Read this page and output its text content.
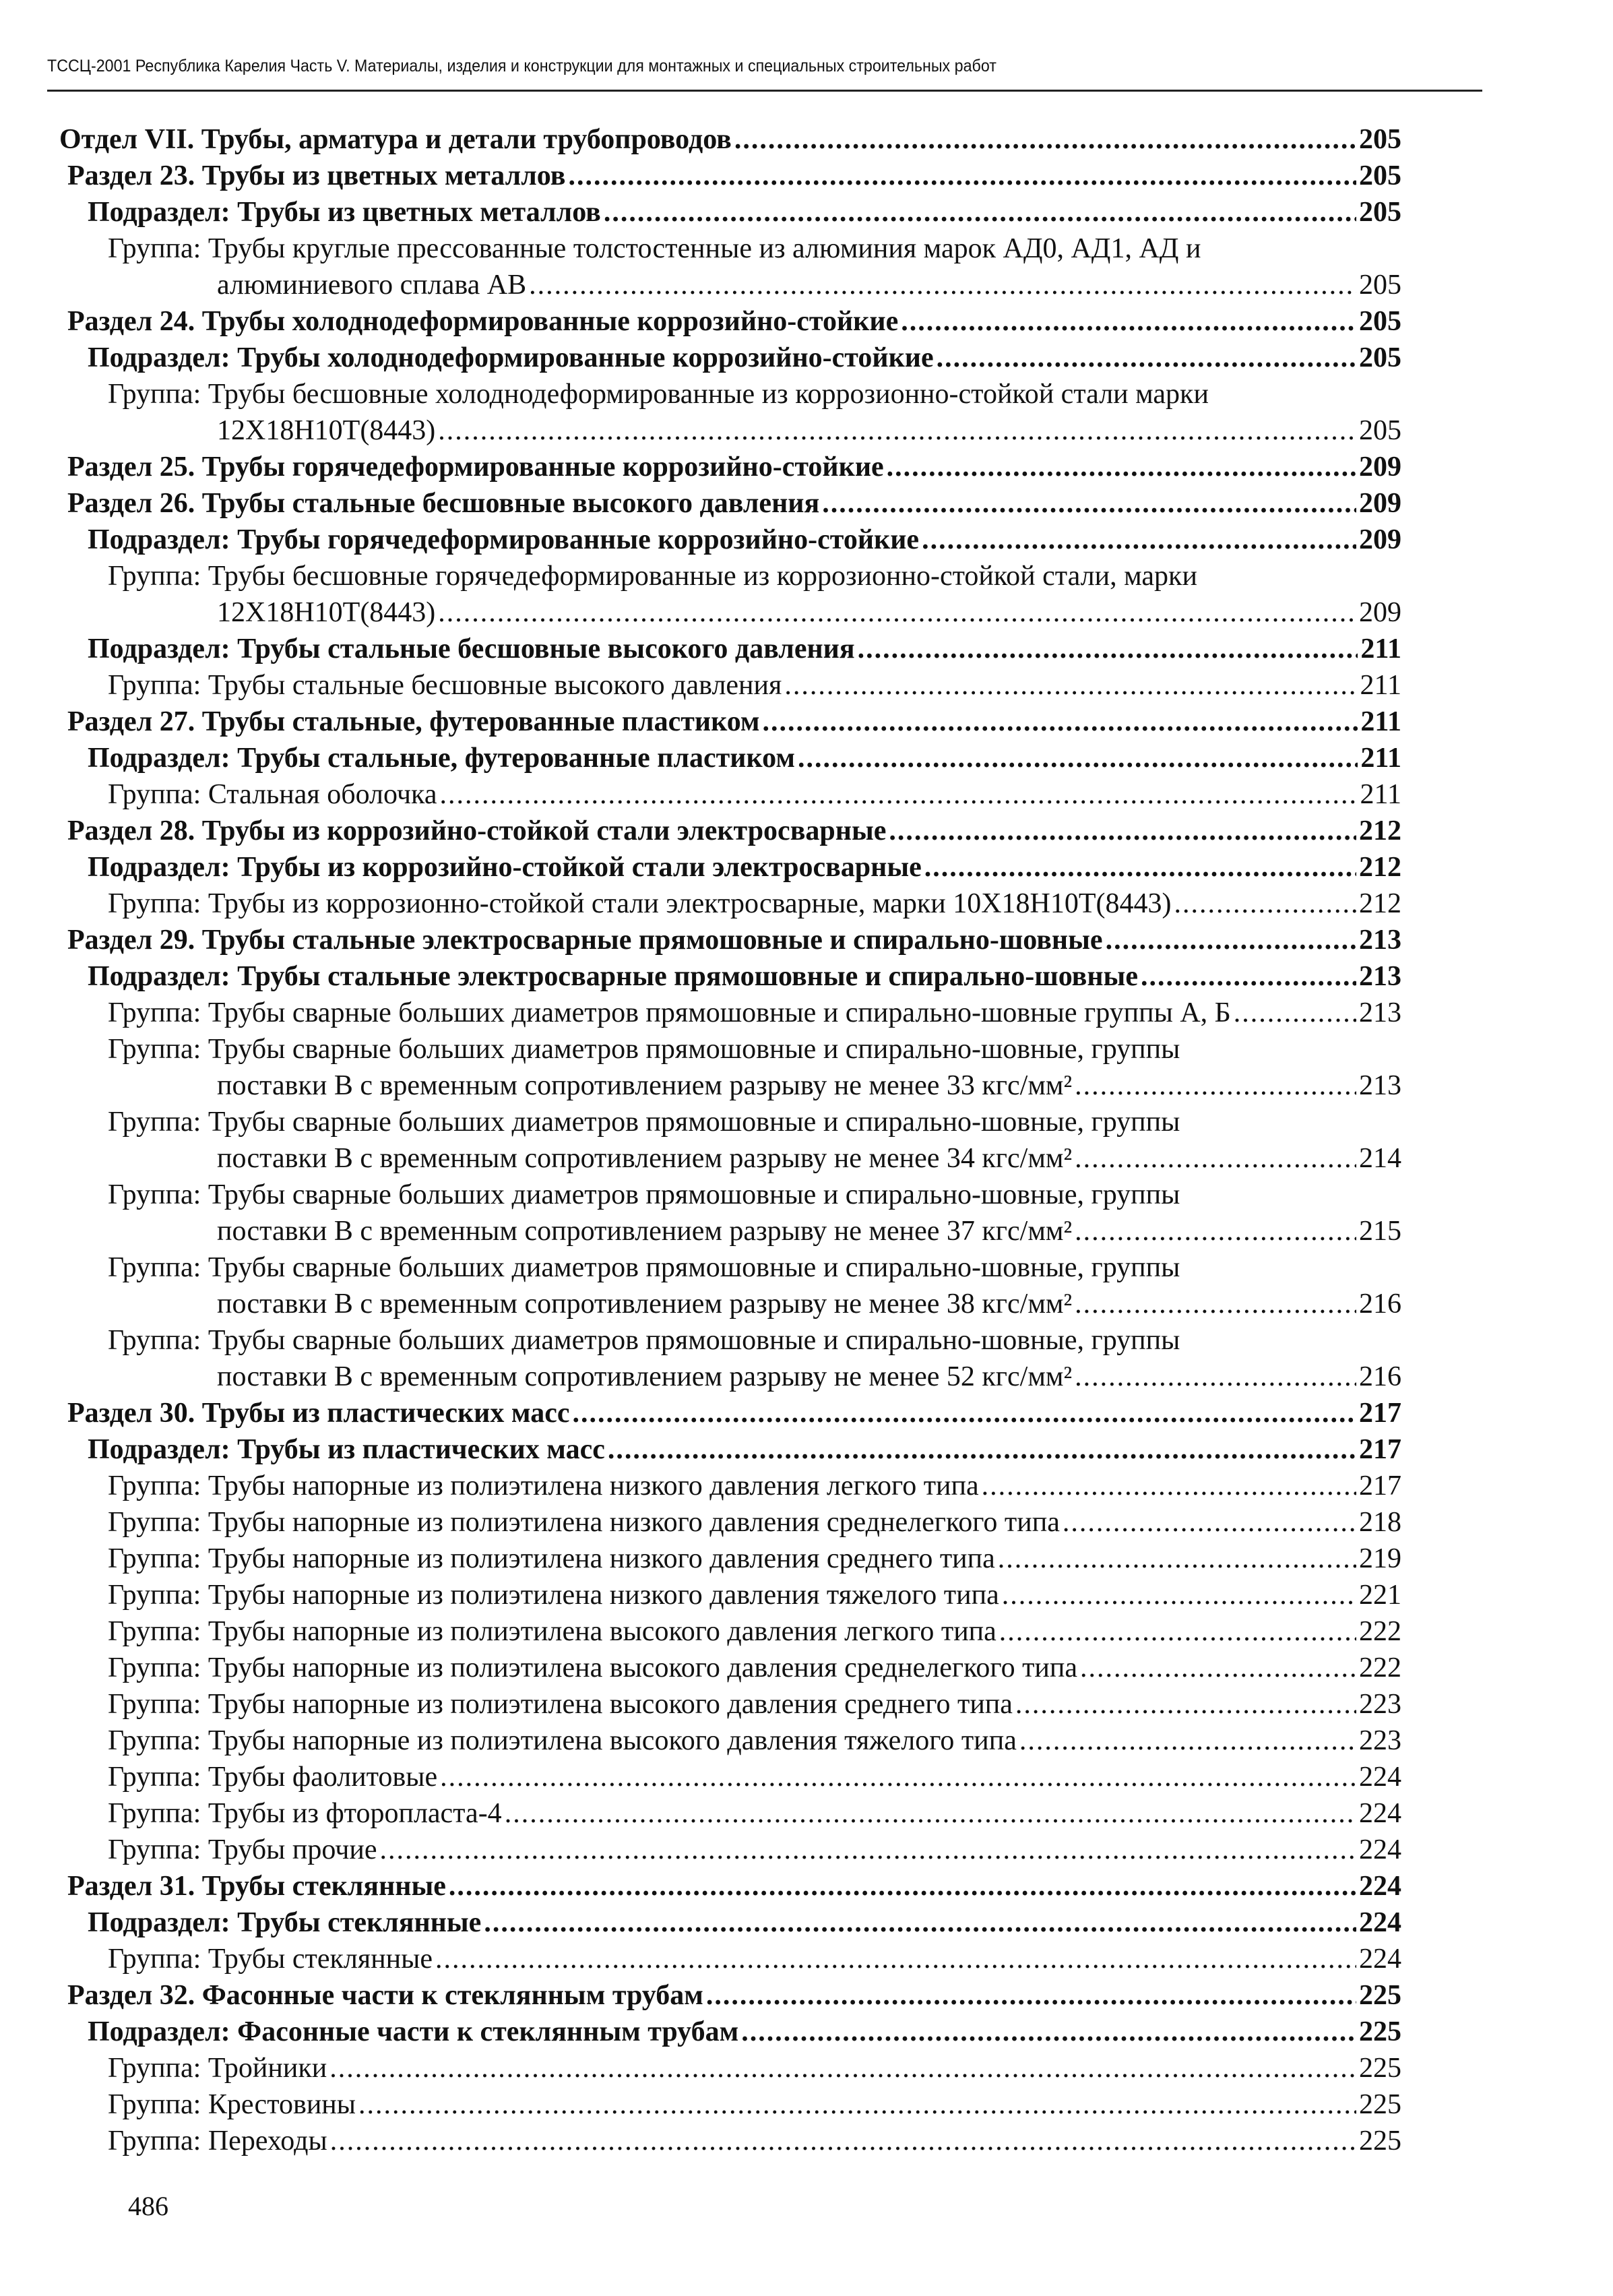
ТССЦ-2001 Республика Карелия Часть V. Материалы, изделия и конструкции для монтажных и специальных строительных работ
Отдел VII. Трубы, арматура и детали трубопроводов .....	205
Раздел 23. Трубы из цветных металлов .....	205
Подраздел: Трубы из цветных металлов .....	205
Группа: Трубы круглые прессованные толстостенные из алюминия марок АД0, АД1, АД и
алюминиевого сплава АВ .....	205
Раздел 24. Трубы холоднодеформированные коррозийно-стойкие .....	205
Подраздел: Трубы холоднодеформированные коррозийно-стойкие .....	205
Группа: Трубы бесшовные холоднодеформированные из коррозионно-стойкой стали марки
12Х18Н10Т(8443) .....	205
Раздел 25. Трубы горячедеформированные коррозийно-стойкие .....	209
Раздел 26. Трубы стальные бесшовные высокого давления .....	209
Подраздел: Трубы горячедеформированные коррозийно-стойкие .....	209
Группа: Трубы бесшовные горячедеформированные из коррозионно-стойкой стали, марки
12Х18Н10Т(8443) .....	209
Подраздел: Трубы стальные бесшовные высокого давления .....	211
Группа: Трубы стальные бесшовные высокого давления .....	211
Раздел 27. Трубы стальные, футерованные пластиком .....	211
Подраздел: Трубы стальные, футерованные пластиком .....	211
Группа: Стальная оболочка .....	211
Раздел 28. Трубы из коррозийно-стойкой стали электросварные .....	212
Подраздел: Трубы из коррозийно-стойкой стали электросварные .....	212
Группа: Трубы из коррозионно-стойкой стали электросварные, марки 10Х18Н10Т(8443) .....	212
Раздел 29. Трубы стальные электросварные прямошовные и спирально-шовные .....	213
Подраздел: Трубы стальные электросварные прямошовные и спирально-шовные .....	213
Группа: Трубы сварные больших диаметров прямошовные и спирально-шовные группы А, Б .....	213
Группа: Трубы сварные больших диаметров прямошовные и спирально-шовные, группы
поставки В с временным сопротивлением разрыву не менее 33 кгс/мм² .....	213
Группа: Трубы сварные больших диаметров прямошовные и спирально-шовные, группы
поставки В с временным сопротивлением разрыву не менее 34 кгс/мм² .....	214
Группа: Трубы сварные больших диаметров прямошовные и спирально-шовные, группы
поставки В с временным сопротивлением разрыву не менее 37 кгс/мм² .....	215
Группа: Трубы сварные больших диаметров прямошовные и спирально-шовные, группы
поставки В с временным сопротивлением разрыву не менее 38 кгс/мм² .....	216
Группа: Трубы сварные больших диаметров прямошовные и спирально-шовные, группы
поставки В с временным сопротивлением разрыву не менее 52 кгс/мм² .....	216
Раздел 30. Трубы из пластических масс .....	217
Подраздел: Трубы из пластических масс .....	217
Группа: Трубы напорные из полиэтилена низкого давления легкого типа .....	217
Группа: Трубы напорные из полиэтилена низкого давления среднелегкого типа .....	218
Группа: Трубы напорные из полиэтилена низкого давления среднего типа .....	219
Группа: Трубы напорные из полиэтилена низкого давления тяжелого типа .....	221
Группа: Трубы напорные из полиэтилена высокого давления легкого типа .....	222
Группа: Трубы напорные из полиэтилена высокого давления среднелегкого типа .....	222
Группа: Трубы напорные из полиэтилена высокого давления среднего типа .....	223
Группа: Трубы напорные из полиэтилена высокого давления тяжелого типа .....	223
Группа: Трубы фаолитовые .....	224
Группа: Трубы из фторопласта-4 .....	224
Группа: Трубы прочие .....	224
Раздел 31. Трубы стеклянные .....	224
Подраздел: Трубы стеклянные .....	224
Группа: Трубы стеклянные .....	224
Раздел 32. Фасонные части к стеклянным трубам .....	225
Подраздел: Фасонные части к стеклянным трубам .....	225
Группа: Тройники .....	225
Группа: Крестовины .....	225
Группа: Переходы .....	225
486
